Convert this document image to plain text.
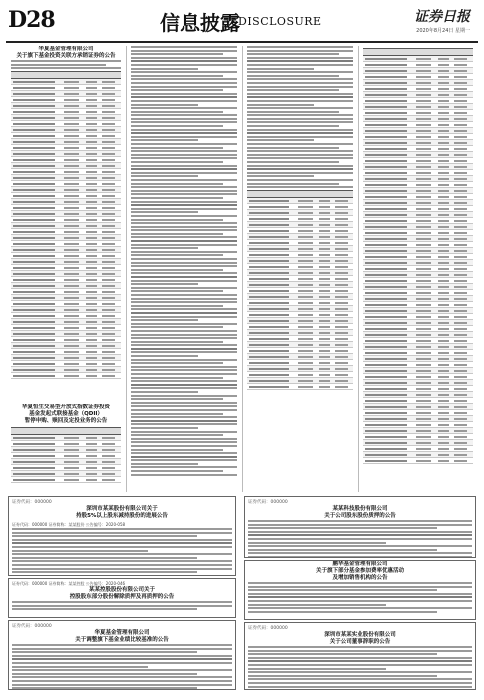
D28	信息披露
DISCLOSURE	证券日报
2020年8月24日 星期一
华夏基金管理有限公司
关于旗下基金投资关联方承销证券的公告
华夏恒生交易型开放式指数证券投资
基金发起式联接基金（QDII）
暂停申购、赎回及定投业务的公告
证券代码：000000
深圳市某某股份有限公司关于
持股5%以上股东减持股份的进展公告
证券代码：000000 证券简称：某某股份 公告编号：2020-058
证券代码：000000 证券简称：某某控股 公告编号：2020-046
某某控股股份有限公司关于
控股股东部分股份解除质押及再质押的公告
证券代码：000000
华夏基金管理有限公司
关于调整旗下基金业绩比较基准的公告
证券代码：000000
某某科技股份有限公司
关于公司股东股份质押的公告
鹏华基金管理有限公司
关于旗下部分基金参加费率优惠活动
及增加销售机构的公告
证券代码：000000
深圳市某某实业股份有限公司
关于公司董事辞职的公告
